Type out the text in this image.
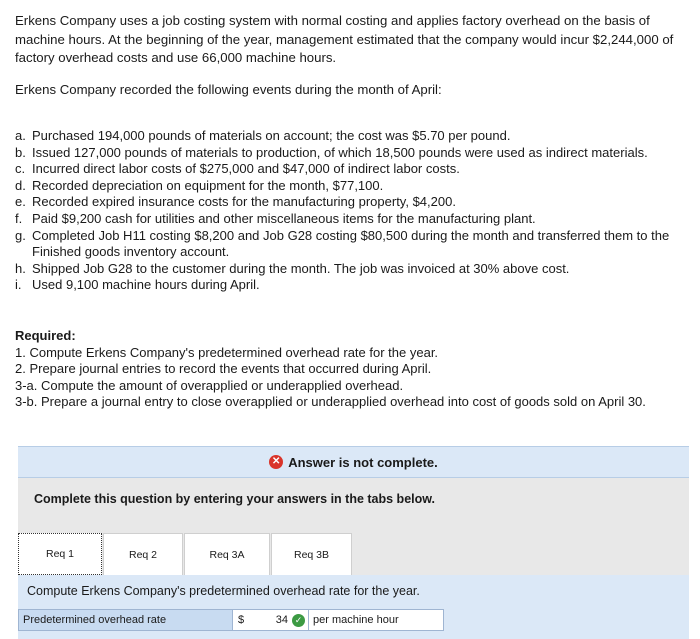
Erkens Company uses a job costing system with normal costing and applies factory overhead on the basis of machine hours. At the beginning of the year, management estimated that the company would incur $2,244,000 of factory overhead costs and use 66,000 machine hours.
Erkens Company recorded the following events during the month of April:
a. Purchased 194,000 pounds of materials on account; the cost was $5.70 per pound.
b. Issued 127,000 pounds of materials to production, of which 18,500 pounds were used as indirect materials.
c. Incurred direct labor costs of $275,000 and $47,000 of indirect labor costs.
d. Recorded depreciation on equipment for the month, $77,100.
e. Recorded expired insurance costs for the manufacturing property, $4,200.
f. Paid $9,200 cash for utilities and other miscellaneous items for the manufacturing plant.
g. Completed Job H11 costing $8,200 and Job G28 costing $80,500 during the month and transferred them to the Finished goods inventory account.
h. Shipped Job G28 to the customer during the month. The job was invoiced at 30% above cost.
i. Used 9,100 machine hours during April.
Required:
1. Compute Erkens Company's predetermined overhead rate for the year.
2. Prepare journal entries to record the events that occurred during April.
3-a. Compute the amount of overapplied or underapplied overhead.
3-b. Prepare a journal entry to close overapplied or underapplied overhead into cost of goods sold on April 30.
✕ Answer is not complete.
Complete this question by entering your answers in the tabs below.
Req 1	Req 2	Req 3A	Req 3B
Compute Erkens Company's predetermined overhead rate for the year.
Predetermined overhead rate	$	34 ✓ per machine hour
